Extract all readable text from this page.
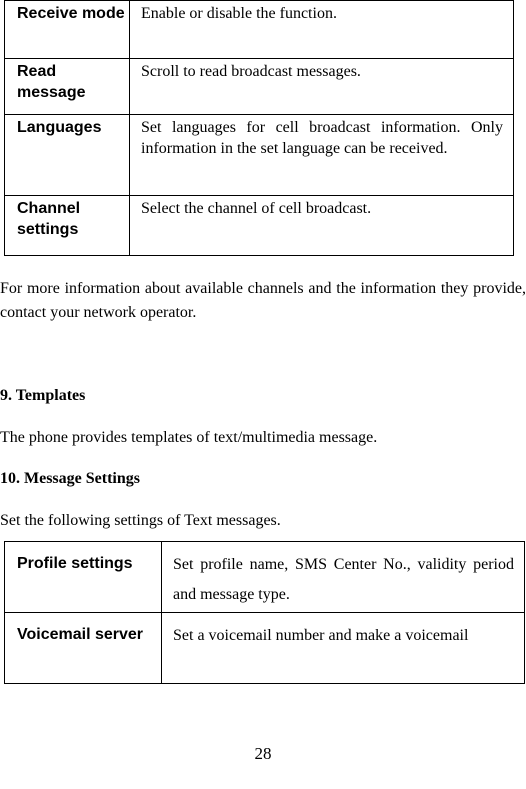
Receive mode	Enable or disable the function.
Read message	Scroll to read broadcast messages.
Languages	Set languages for cell broadcast information. Only information in the set language can be received.
Channel settings	Select the channel of cell broadcast.

For more information about available channels and the information they provide, contact your network operator.

9. Templates

The phone provides templates of text/multimedia message.

10. Message Settings

Set the following settings of Text messages.

Profile settings	Set profile name, SMS Center No., validity period and message type.
Voicemail server	Set a voicemail number and make a voicemail
28
